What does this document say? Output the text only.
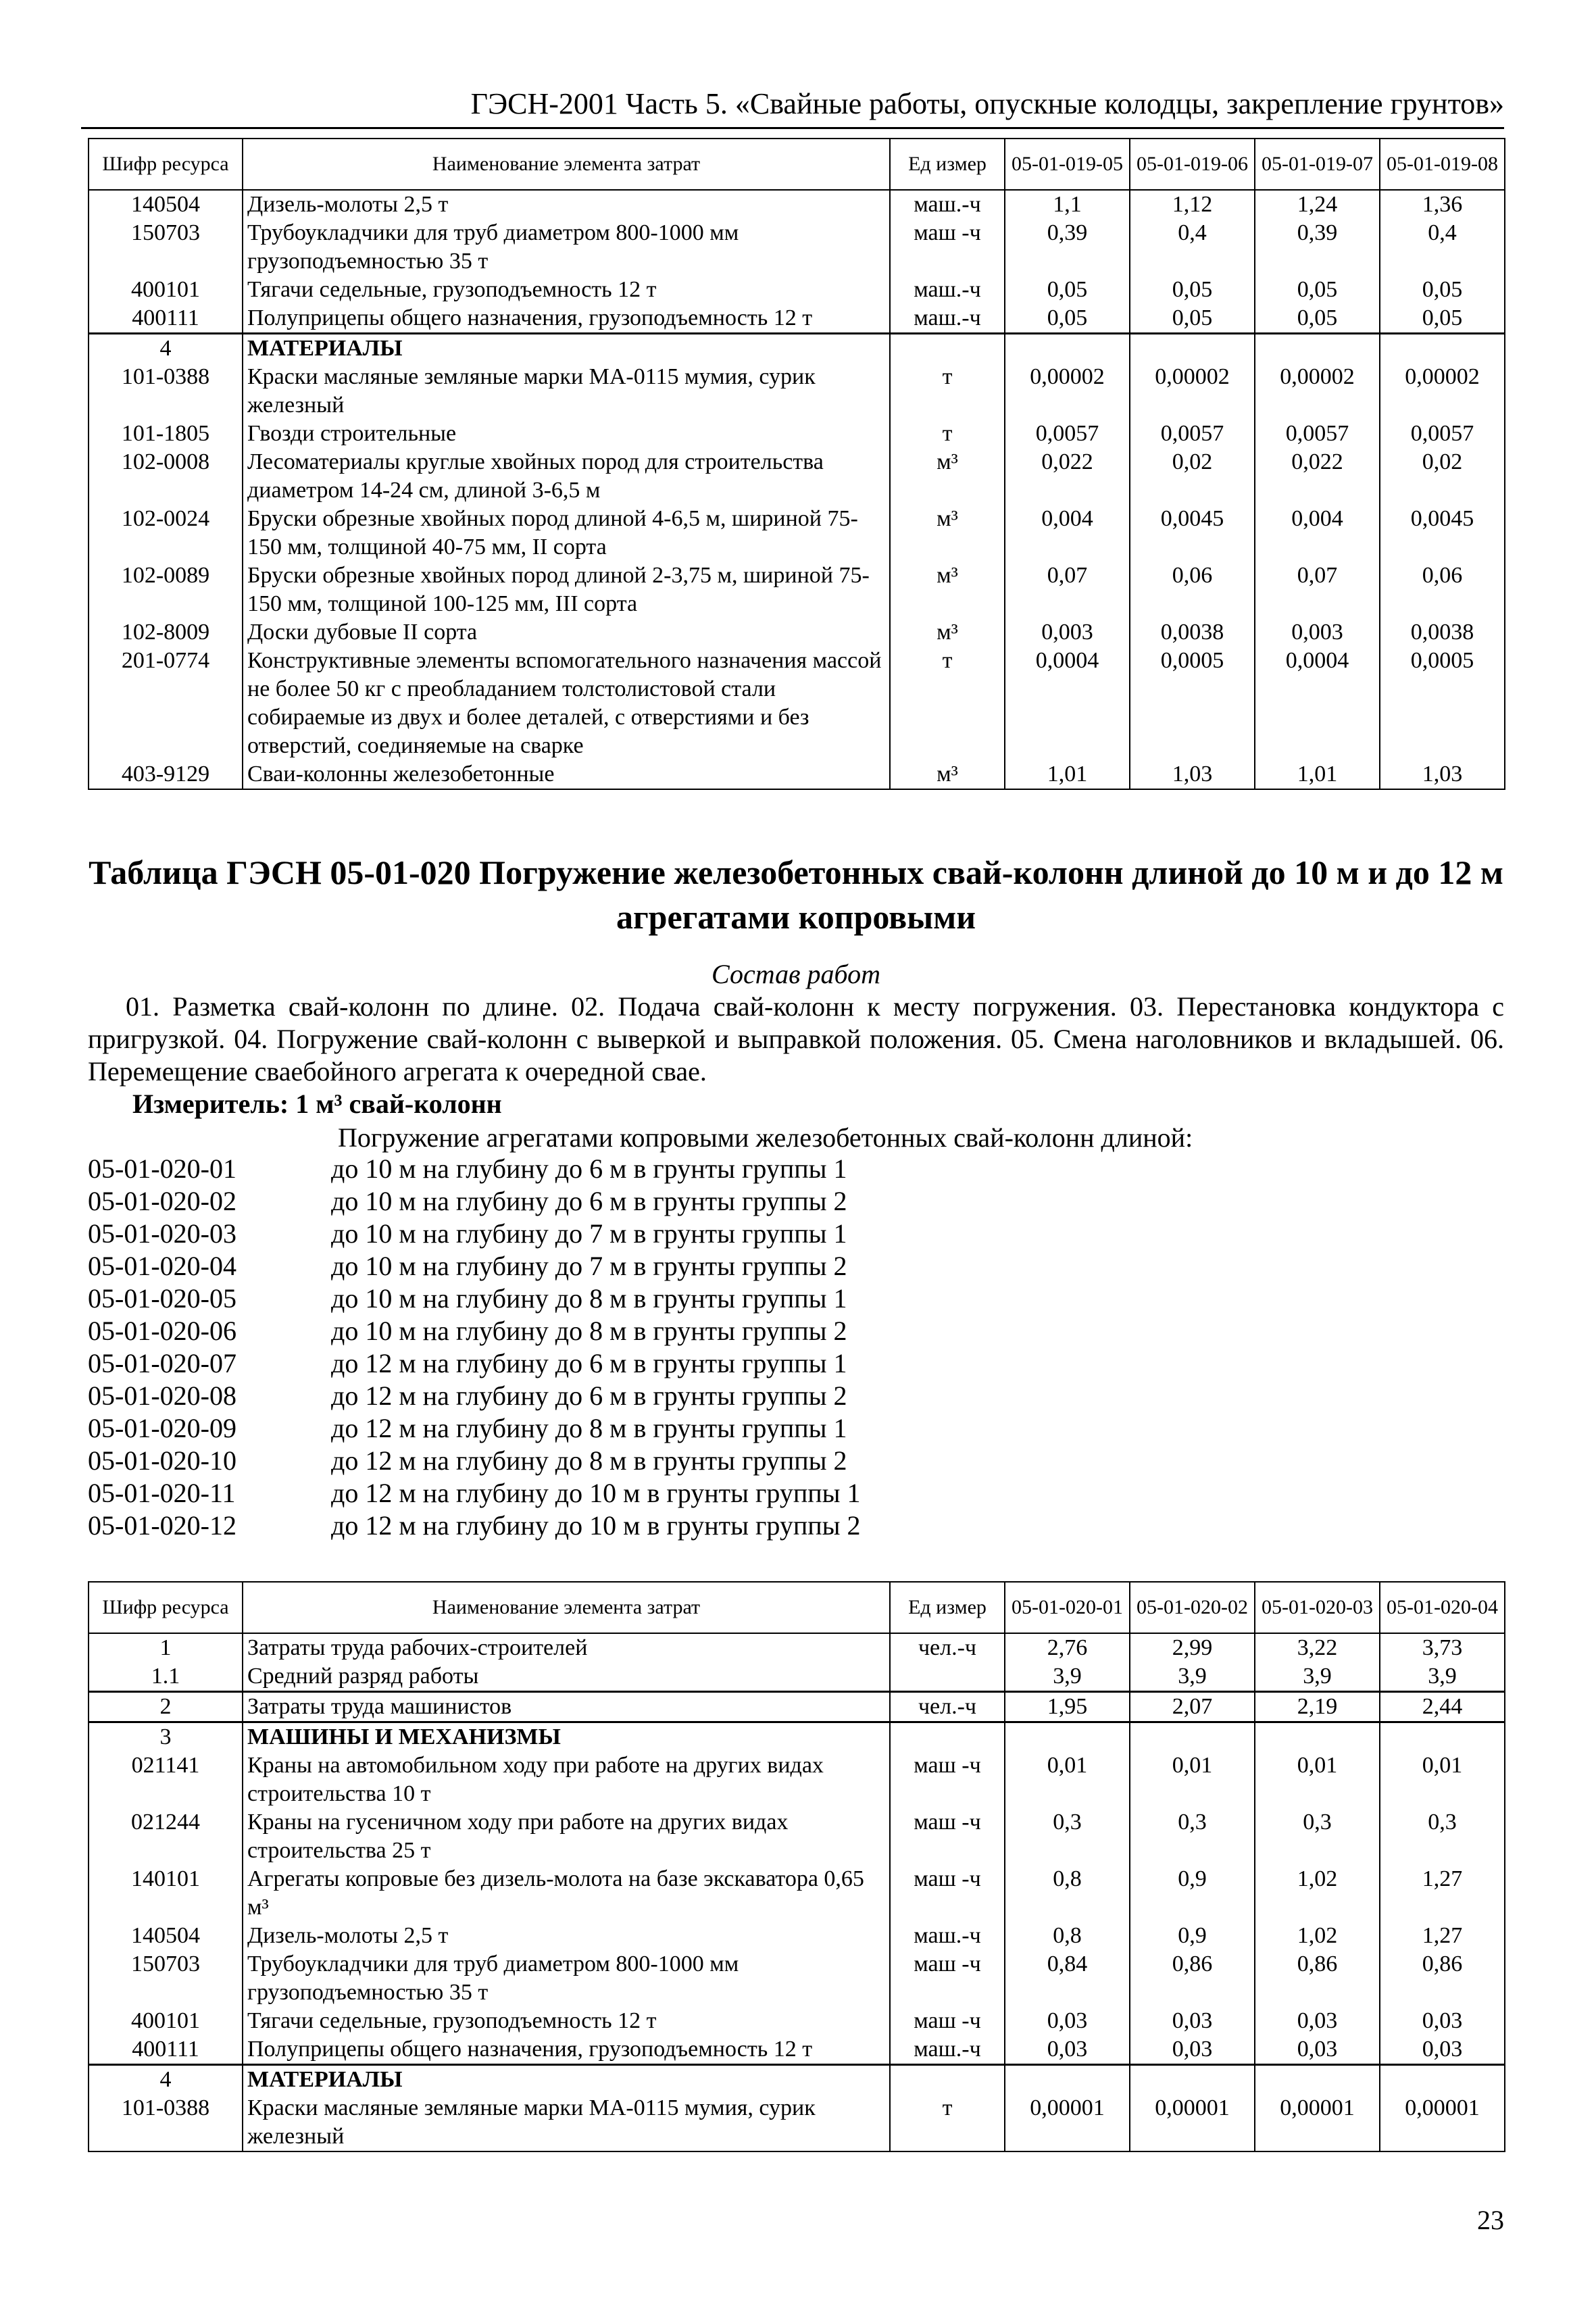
ГЭСН-2001 Часть 5. «Свайные работы, опускные колодцы, закрепление грунтов»
Шифр ресурса	Наименование элемента затрат	Ед измер	05-01-019-05	05-01-019-06	05-01-019-07	05-01-019-08
140504	Дизель-молоты 2,5 т	маш.-ч	1,1	1,12	1,24	1,36
150703	Трубоукладчики для труб диаметром 800-1000 мм грузоподъемностью 35 т	маш -ч	0,39	0,4	0,39	0,4
400101	Тягачи седельные, грузоподъемность 12 т	маш.-ч	0,05	0,05	0,05	0,05
400111	Полуприцепы общего назначения, грузоподъемность 12 т	маш.-ч	0,05	0,05	0,05	0,05
4	МАТЕРИАЛЫ					
101-0388	Краски масляные земляные марки МА-0115 мумия, сурик железный	т	0,00002	0,00002	0,00002	0,00002
101-1805	Гвозди строительные	т	0,0057	0,0057	0,0057	0,0057
102-0008	Лесоматериалы круглые хвойных пород для строительства диаметром 14-24 см, длиной 3-6,5 м	м³	0,022	0,02	0,022	0,02
102-0024	Бруски обрезные хвойных пород длиной 4-6,5 м, шириной 75-150 мм, толщиной 40-75 мм, II сорта	м³	0,004	0,0045	0,004	0,0045
102-0089	Бруски обрезные хвойных пород длиной 2-3,75 м, шириной 75-150 мм, толщиной 100-125 мм, III сорта	м³	0,07	0,06	0,07	0,06
102-8009	Доски дубовые II сорта	м³	0,003	0,0038	0,003	0,0038
201-0774	Конструктивные элементы вспомогательного назначения массой не более 50 кг с преобладанием толстолистовой стали собираемые из двух и более деталей, с отверстиями и без отверстий, соединяемые на сварке	т	0,0004	0,0005	0,0004	0,0005
403-9129	Сваи-колонны железобетонные	м³	1,01	1,03	1,01	1,03
Таблица ГЭСН 05-01-020 Погружение железобетонных свай-колонн длиной до 10 м и до 12 м агрегатами копровыми
Состав работ
01. Разметка свай-колонн по длине. 02. Подача свай-колонн к месту погружения. 03. Перестановка кондуктора с пригрузкой. 04. Погружение свай-колонн с выверкой и выправкой положения. 05. Смена наголовников и вкладышей. 06. Перемещение сваебойного агрегата к очередной свае.
Измеритель: 1 м³ свай-колонн
Погружение агрегатами копровыми железобетонных свай-колонн длиной:
05-01-020-01	до 10 м на глубину до 6 м в грунты группы 1
05-01-020-02	до 10 м на глубину до 6 м в грунты группы 2
05-01-020-03	до 10 м на глубину до 7 м в грунты группы 1
05-01-020-04	до 10 м на глубину до 7 м в грунты группы 2
05-01-020-05	до 10 м на глубину до 8 м в грунты группы 1
05-01-020-06	до 10 м на глубину до 8 м в грунты группы 2
05-01-020-07	до 12 м на глубину до 6 м в грунты группы 1
05-01-020-08	до 12 м на глубину до 6 м в грунты группы 2
05-01-020-09	до 12 м на глубину до 8 м в грунты группы 1
05-01-020-10	до 12 м на глубину до 8 м в грунты группы 2
05-01-020-11	до 12 м на глубину до 10 м в грунты группы 1
05-01-020-12	до 12 м на глубину до 10 м в грунты группы 2
Шифр ресурса	Наименование элемента затрат	Ед измер	05-01-020-01	05-01-020-02	05-01-020-03	05-01-020-04
1	Затраты труда рабочих-строителей	чел.-ч	2,76	2,99	3,22	3,73
1.1	Средний разряд работы		3,9	3,9	3,9	3,9
2	Затраты труда машинистов	чел.-ч	1,95	2,07	2,19	2,44
3	МАШИНЫ И МЕХАНИЗМЫ					
021141	Краны на автомобильном ходу при работе на других видах строительства 10 т	маш -ч	0,01	0,01	0,01	0,01
021244	Краны на гусеничном ходу при работе на других видах строительства 25 т	маш -ч	0,3	0,3	0,3	0,3
140101	Агрегаты копровые без дизель-молота на базе экскаватора 0,65 м³	маш -ч	0,8	0,9	1,02	1,27
140504	Дизель-молоты 2,5 т	маш.-ч	0,8	0,9	1,02	1,27
150703	Трубоукладчики для труб диаметром 800-1000 мм грузоподъемностью 35 т	маш -ч	0,84	0,86	0,86	0,86
400101	Тягачи седельные, грузоподъемность 12 т	маш -ч	0,03	0,03	0,03	0,03
400111	Полуприцепы общего назначения, грузоподъемность 12 т	маш.-ч	0,03	0,03	0,03	0,03
4	МАТЕРИАЛЫ					
101-0388	Краски масляные земляные марки МА-0115 мумия, сурик железный	т	0,00001	0,00001	0,00001	0,00001
23
